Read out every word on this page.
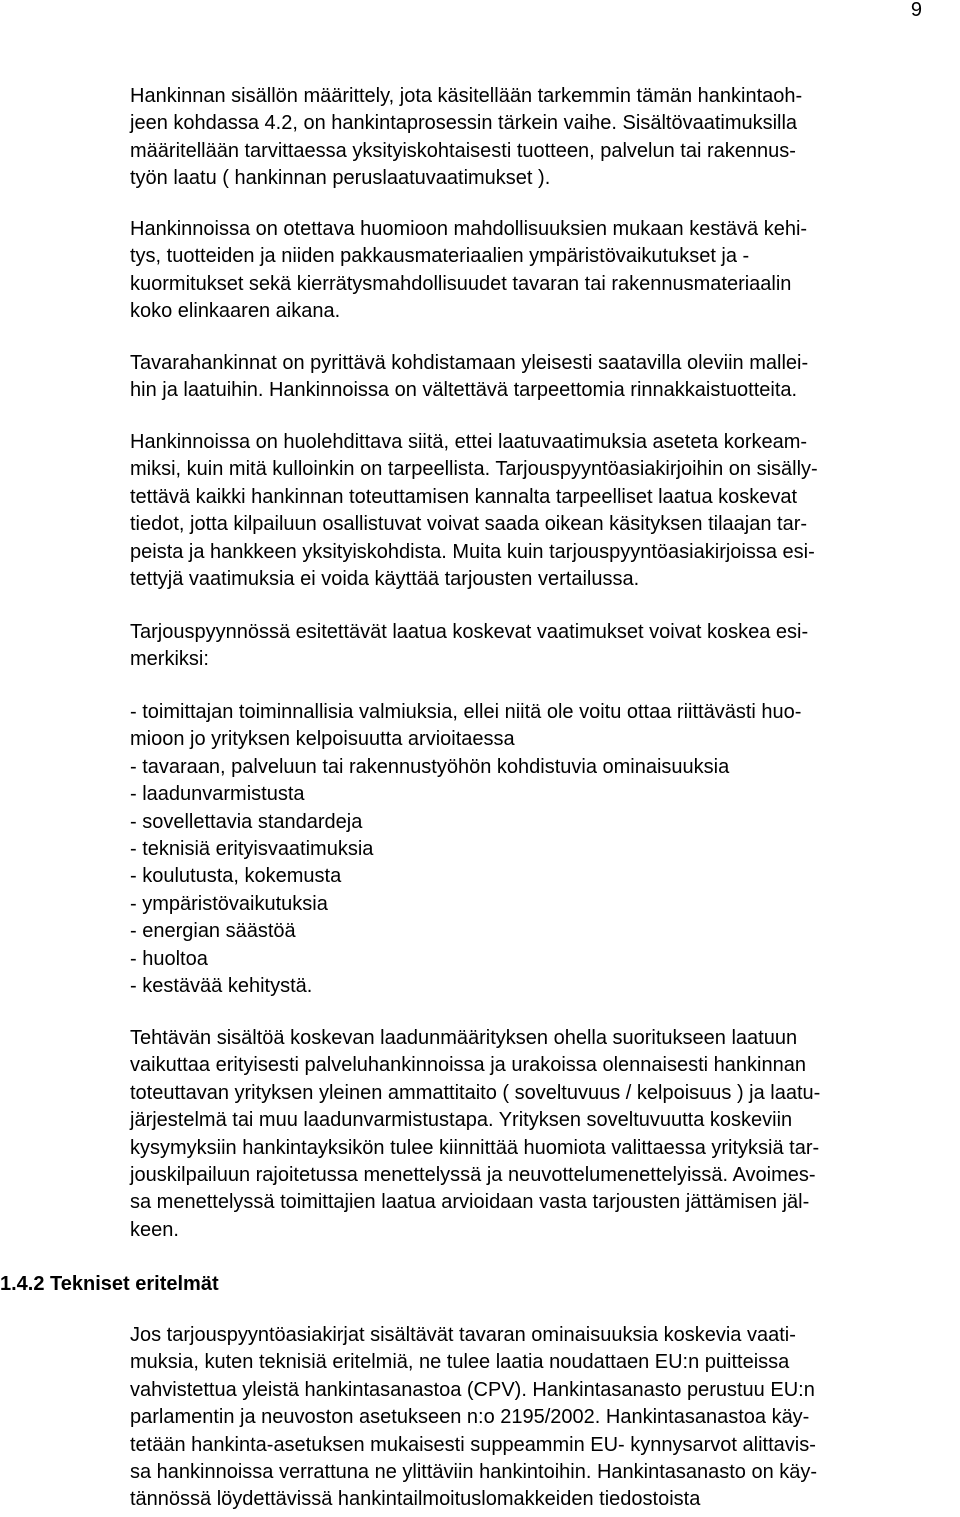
9

Hankinnan sisällön määrittely, jota käsitellään tarkemmin tämän hankintaoh-
jeen kohdassa 4.2, on hankintaprosessin tärkein vaihe. Sisältövaatimuksilla
määritellään tarvittaessa yksityiskohtaisesti tuotteen, palvelun tai rakennus-
työn laatu ( hankinnan peruslaatuvaatimukset ).

Hankinnoissa on otettava huomioon mahdollisuuksien mukaan kestävä kehi-
tys, tuotteiden ja niiden pakkausmateriaalien ympäristövaikutukset ja -
kuormitukset sekä kierrätysmahdollisuudet tavaran tai rakennusmateriaalin
koko elinkaaren aikana.

Tavarahankinnat on pyrittävä kohdistamaan yleisesti saatavilla oleviin mallei-
hin ja laatuihin. Hankinnoissa on vältettävä tarpeettomia rinnakkaistuotteita.

Hankinnoissa on huolehdittava siitä, ettei laatuvaatimuksia aseteta korkeam-
miksi, kuin mitä kulloinkin on tarpeellista. Tarjouspyyntöasiakirjoihin on sisälly-
tettävä kaikki hankinnan toteuttamisen kannalta tarpeelliset laatua koskevat
tiedot, jotta kilpailuun osallistuvat voivat saada oikean käsityksen tilaajan tar-
peista ja hankkeen yksityiskohdista. Muita kuin tarjouspyyntöasiakirjoissa esi-
tettyjä vaatimuksia ei voida käyttää tarjousten vertailussa.

Tarjouspyynnössä esitettävät laatua koskevat vaatimukset voivat koskea esi-
merkiksi:

- toimittajan toiminnallisia valmiuksia, ellei niitä ole voitu ottaa riittävästi huo-
mioon jo yrityksen kelpoisuutta arvioitaessa
- tavaraan, palveluun tai rakennustyöhön kohdistuvia ominaisuuksia
- laadunvarmistusta
- sovellettavia standardeja
- teknisiä erityisvaatimuksia
- koulutusta, kokemusta
- ympäristövaikutuksia
- energian säästöä
- huoltoa
- kestävää kehitystä.

Tehtävän sisältöä koskevan laadunmäärityksen ohella suoritukseen laatuun
vaikuttaa erityisesti palveluhankinnoissa ja urakoissa olennaisesti hankinnan
toteuttavan yrityksen yleinen ammattitaito ( soveltuvuus / kelpoisuus ) ja laatu-
järjestelmä tai muu laadunvarmistustapa. Yrityksen soveltuvuutta koskeviin
kysymyksiin hankintayksikön tulee kiinnittää huomiota valittaessa yrityksiä tar-
jouskilpailuun rajoitetussa menettelyssä ja neuvottelumenettelyissä. Avoimes-
sa menettelyssä toimittajien laatua arvioidaan vasta tarjousten jättämisen jäl-
keen.

1.4.2 Tekniset eritelmät

Jos tarjouspyyntöasiakirjat sisältävät tavaran ominaisuuksia koskevia vaati-
muksia, kuten teknisiä eritelmiä, ne tulee laatia noudattaen EU:n puitteissa
vahvistettua yleistä hankintasanastoa (CPV). Hankintasanasto perustuu EU:n
parlamentin ja neuvoston asetukseen n:o 2195/2002. Hankintasanastoa käy-
tetään hankinta-asetuksen mukaisesti suppeammin EU- kynnysarvot alittavis-
sa hankinnoissa verrattuna ne ylittäviin hankintoihin. Hankintasanasto on käy-
tännössä löydettävissä hankintailmoituslomakkeiden tiedostoista
